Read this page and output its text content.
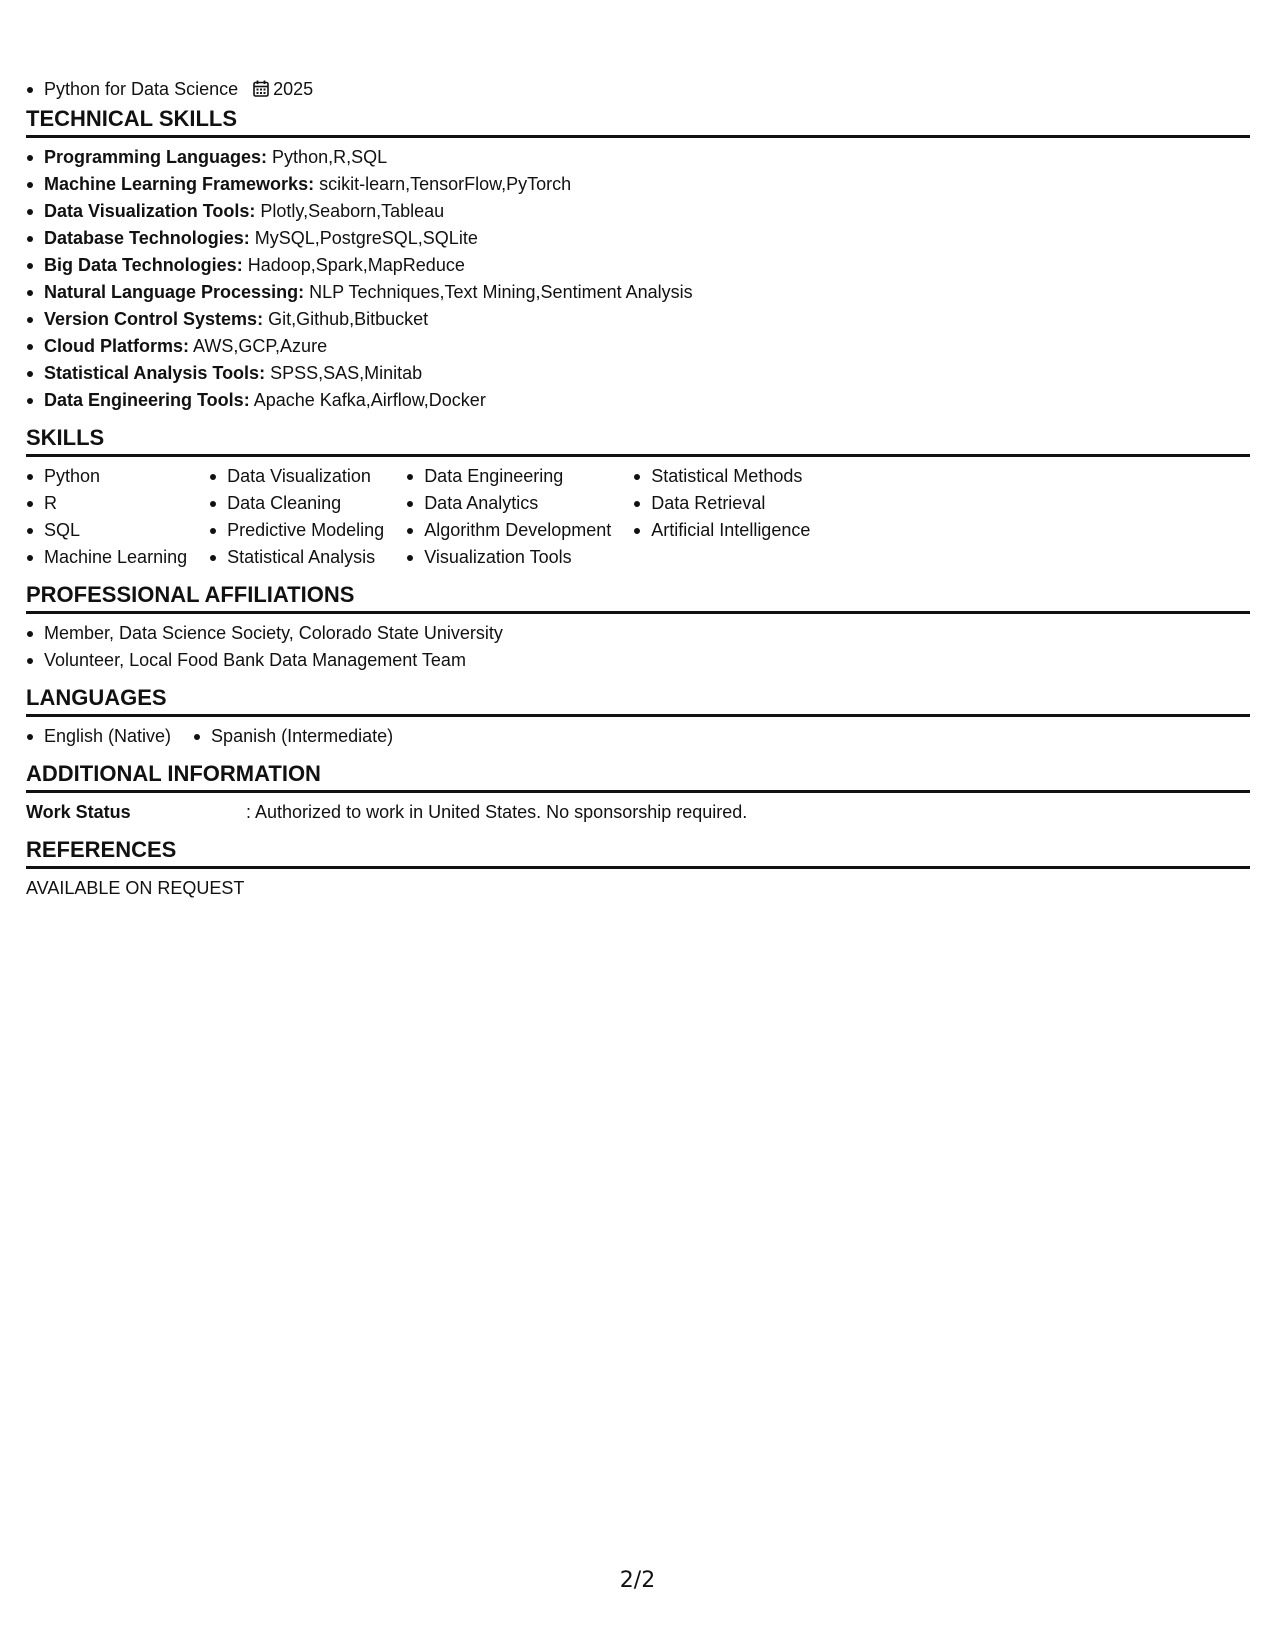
Python for Data Science 2025
TECHNICAL SKILLS
Programming Languages: Python,R,SQL
Machine Learning Frameworks: scikit-learn,TensorFlow,PyTorch
Data Visualization Tools: Plotly,Seaborn,Tableau
Database Technologies: MySQL,PostgreSQL,SQLite
Big Data Technologies: Hadoop,Spark,MapReduce
Natural Language Processing: NLP Techniques,Text Mining,Sentiment Analysis
Version Control Systems: Git,Github,Bitbucket
Cloud Platforms: AWS,GCP,Azure
Statistical Analysis Tools: SPSS,SAS,Minitab
Data Engineering Tools: Apache Kafka,Airflow,Docker
SKILLS
Python
R
SQL
Machine Learning
Data Visualization
Data Cleaning
Predictive Modeling
Statistical Analysis
Data Engineering
Data Analytics
Algorithm Development
Visualization Tools
Statistical Methods
Data Retrieval
Artificial Intelligence
PROFESSIONAL AFFILIATIONS
Member, Data Science Society, Colorado State University
Volunteer, Local Food Bank Data Management Team
LANGUAGES
English (Native)	Spanish (Intermediate)
ADDITIONAL INFORMATION
Work Status	: Authorized to work in United States. No sponsorship required.
REFERENCES
AVAILABLE ON REQUEST
2/2
